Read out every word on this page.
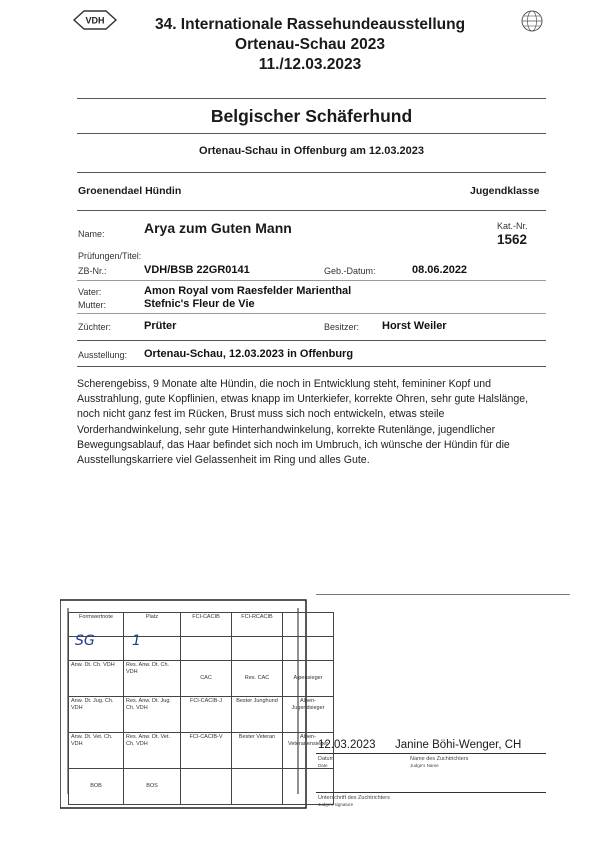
VDH	34. Internationale Rassehundeausstellung
Ortenau-Schau 2023
11./12.03.2023
Belgischer Schäferhund
Ortenau-Schau in Offenburg am 12.03.2023
Groenendael Hündin	Jugendklasse
Name:	Arya zum Guten Mann	Kat.-Nr.
1562
Prüfungen/Titel:
ZB-Nr.:	VDH/BSB 22GR0141	Geb.-Datum:	08.06.2022
Vater:	Amon Royal vom Raesfelder Marienthal
Mutter:	Stefnic's Fleur de Vie
Züchter:	Prüter	Besitzer: Horst Weiler
Ausstellung: Ortenau-Schau, 12.03.2023 in Offenburg
Scherengebiss, 9 Monate alte Hündin, die noch in Entwicklung steht, femininer Kopf und Ausstrahlung, gute Kopflinien, etwas knapp im Unterkiefer, korrekte Ohren, sehr gute Halslänge, noch nicht ganz fest im Rücken, Brust muss sich noch entwickeln, etwas steile Vorderhandwinkelung, sehr gute Hinterhandwinkelung, korrekte Rutenlänge, jugendlicher Bewegungsablauf, das Haar befindet sich noch im Umbruch, ich wünsche der Hündin für die Ausstellungskarriere viel Gelassenheit im Ring und alles Gute.
Formwertnote	Platz	FCI-CACIB	FCI-RCACIB	
SG	1			
Anw. Dt. Ch. VDH	Res. Anw. Dt. Ch. VDH	CAC	Res. CAC	Alpensieger
Anw. Dt. Jug. Ch. VDH	Res. Anw. Dt. Jug. Ch. VDH	FCI-CACIB-J	Bester Junghund	Alpen-Jugendsieger
Anw. Dt. Vet. Ch. VDH	Res. Anw. Dt. Vet. Ch. VDH	FCI-CACIB-V	Bester Veteran	Alpen-Veteranensieger
BOB	BOS			
12.03.2023 Janine Böhi-Wenger, CH
Datum
Date
Name des Zuchtrichters
Judge's Name
Unterschrift des Zuchtrichters
Judge's signature
